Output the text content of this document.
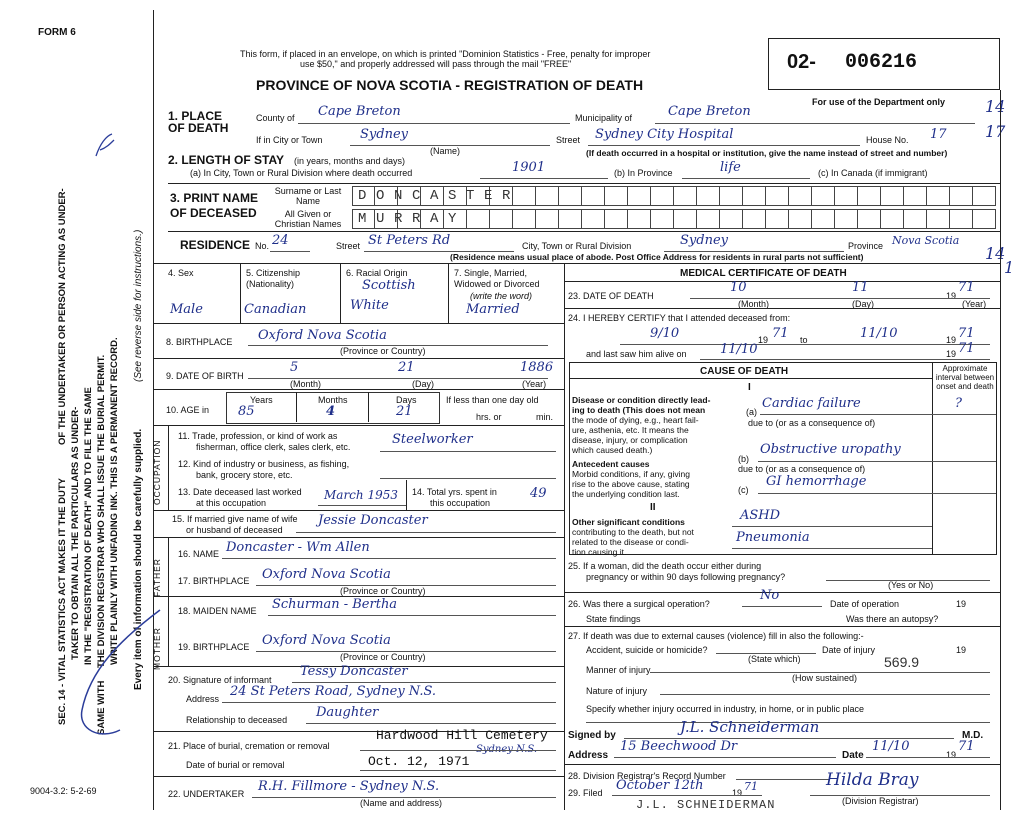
FORM 6
This form, if placed in an envelope, on which is printed "Dominion Statistics - Free, penalty for improper
use $50," and properly addressed will pass through the mail "FREE"
PROVINCE OF NOVA SCOTIA - REGISTRATION OF DEATH
02- 006216
For use of the Department only 14
17
14
1
SEC. 14 - VITAL STATISTICS ACT MAKES IT THE DUTY TAKER TO OBTAIN ALL THE PARTICULARS AS UNDER- IN THE "REGISTRATION OF DEATH" AND TO FILE THE SAME THE DIVISION REGISTRAR WHO SHALL ISSUE THE BURIAL PERMIT. WRITE PLAINLY WITH UNFADING INK. THIS IS A PERMANENT RECORD.
SAME WITH
OF THE UNDERTAKER OR PERSON ACTING AS UNDER-
Every item of information should be carefully supplied.
(See reverse side for instructions.)
1. PLACE OF DEATH
County of Cape Breton	Municipality of	Cape Breton
If in City or Town	Sydney
(Name)
Street Sydney City Hospital	House No. 17
(If death occurred in a hospital or institution, give the name instead of street and number)
2. LENGTH OF STAY (in years, months and days)
(a) In City, Town or Rural Division where death occurred	1901	(b) In Province	life	(c) In Canada (if immigrant)
3. PRINT NAME OF DECEASED
Surname or Last Name
All Given or Christian Names
DONCASTER
MURRAY
RESIDENCE No. 24	Street St Peters Rd	City, Town or Rural Division	Sydney	Province Nova Scotia
(Residence means usual place of abode. Post Office Address for residents in rural parts not sufficient)
4. Sex
Male
5. Citizenship (Nationality)
Canadian
6. Racial Origin
Scottish
White
7. Single, Married, Widowed or Divorced
(write the word)
Married
8. BIRTHPLACE Oxford Nova Scotia
(Province or Country)
9. DATE OF BIRTH
5	21	1886
(Month)	(Day)	(Year)
10. AGE in
Years
85
Months
4
Days
21
If less than one day old
hrs. or	min.
OCCUPATION
11. Trade, profession, or kind of work as
fisherman, office clerk, sales clerk, etc.	Steelworker
12. Kind of industry or business, as fishing,
bank, grocery store, etc.
13. Date deceased last worked
at this occupation
March 1953 14. Total yrs. spent in
this occupation
49
15. If married give name of wife
or husband of deceased
Jessie Doncaster
FATHER
16. NAME Doncaster - Wm Allen
17. BIRTHPLACE Oxford Nova Scotia
(Province or Country)
MOTHER
18. MAIDEN NAME Schurman - Bertha
19. BIRTHPLACE Oxford Nova Scotia
(Province or Country)
20. Signature of informant
Tessy Doncaster
Address 24 St Peters Road, Sydney N.S.
Relationship to deceased Daughter
21. Place of burial, cremation or removal
Hardwood Hill Cemetery
Sydney N.S.
Date of burial or removal	Oct. 12, 1971
22. UNDERTAKER R.H. Fillmore - Sydney N.S.
(Name and address)
9004-3.2: 5-2-69
MEDICAL CERTIFICATE OF DEATH
23. DATE OF DEATH
10	11
19
71
(Month)	(Day)	(Year)
24. I HEREBY CERTIFY that I attended deceased from:
9/10	19 71 to	11/10	19 71
and last saw him alive on	11/10	19 71
CAUSE OF DEATH	Approximate interval between onset and death
I
Disease or condition directly lead-
ing to death (This does not mean
the mode of dying, e.g., heart fail-
ure, asthenia, etc. It means the
disease, injury, or complication
which caused death.)
(a)
Cardiac failure	?
due to (or as a consequence of)
Antecedent causes
Morbid conditions, if any, giving
rise to the above cause, stating
the underlying condition last.
(b)
Obstructive uropathy
due to (or as a consequence of)
(c)
GI hemorrhage
II
Other significant conditions
contributing to the death, but not
related to the disease or condi-
tion causing it.
ASHD
Pneumonia
25. If a woman, did the death occur either during
pregnancy or within 90 days following pregnancy?
(Yes or No)
26. Was there a surgical operation?
No
Date of operation	19
State findings	Was there an autopsy?
27. If death was due to external causes (violence) fill in also the following:-
Accident, suicide or homicide?	Date of injury	19
(State which)
Manner of injury	569.9
(How sustained)
Nature of injury
Specify whether injury occurred in industry, in home, or in public place
Signed by	J.L. Schneiderman	M.D.
Address
15 Beechwood Dr
Date
11/10
19
71
28. Division Registrar's Record Number
29. Filed October 12th	19 71	Hilda Bray
(Division Registrar)
J.L. SCHNEIDERMAN
